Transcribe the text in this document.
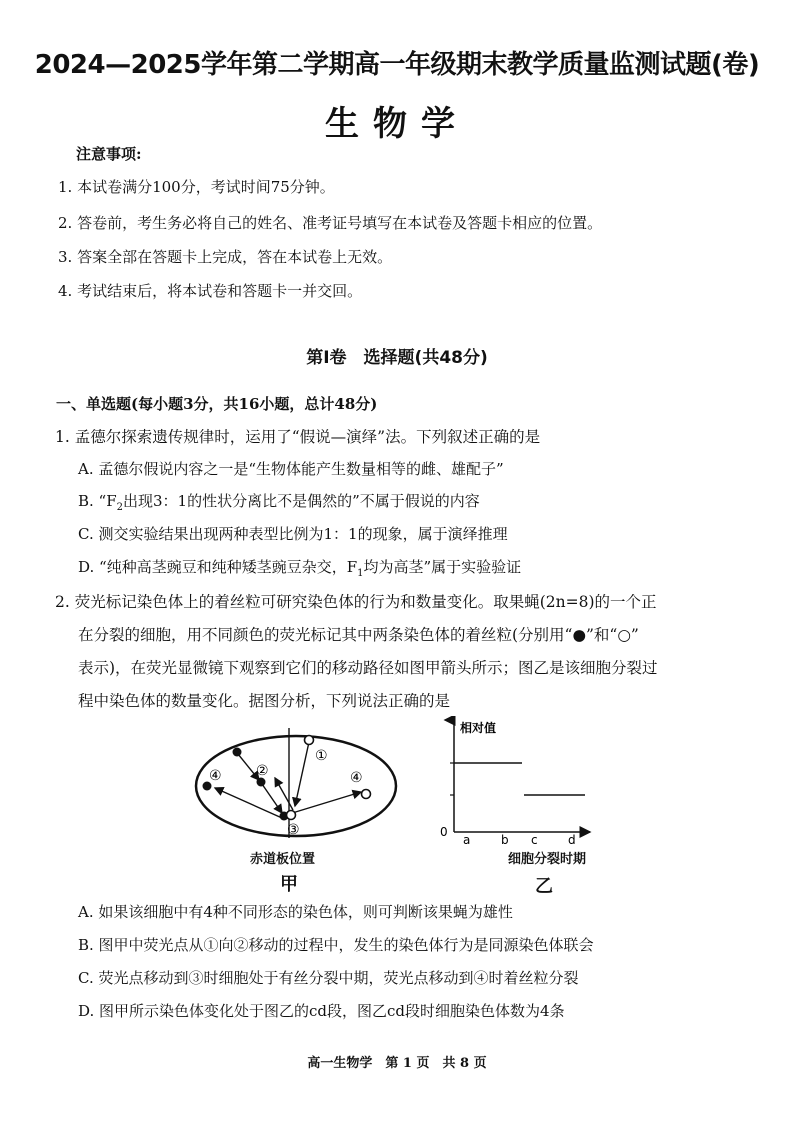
2024—2025学年第二学期高一年级期末教学质量监测试题(卷)
生物学
注意事项:
1. 本试卷满分100分，考试时间75分钟。
2. 答卷前，考生务必将自己的姓名、准考证号填写在本试卷及答题卡相应的位置。
3. 答案全部在答题卡上完成，答在本试卷上无效。
4. 考试结束后，将本试卷和答题卡一并交回。
第Ⅰ卷　选择题(共48分)
一、单选题(每小题3分，共16小题，总计48分)
1. 孟德尔探索遗传规律时，运用了“假说—演绎”法。下列叙述正确的是
A. 孟德尔假说内容之一是“生物体能产生数量相等的雌、雄配子”
B. “$F_2$出现3：1的性状分离比不是偶然的”不属于假说的内容
C. 测交实验结果出现两种表型比例为1：1的现象，属于演绎推理
D. “纯种高茎豌豆和纯种矮茎豌豆杂交，$F_1$均为高茎”属于实验验证
2. 荧光标记染色体上的着丝粒可研究染色体的行为和数量变化。取果蝇(2n=8)的一个正
在分裂的细胞，用不同颜色的荧光标记其中两条染色体的着丝粒(分别用“●”和“○”
表示)，在荧光显微镜下观察到它们的移动路径如图甲箭头所示；图乙是该细胞分裂过
程中染色体的数量变化。据图分析，下列说法正确的是
①
②
③
④	④
赤道板位置
甲
相对值
0
a	b c	d
细胞分裂时期
乙
A. 如果该细胞中有4种不同形态的染色体，则可判断该果蝇为雄性
B. 图甲中荧光点从①向②移动的过程中，发生的染色体行为是同源染色体联会
C. 荧光点移动到③时细胞处于有丝分裂中期，荧光点移动到④时着丝粒分裂
D. 图甲所示染色体变化处于图乙的cd段，图乙cd段时细胞染色体数为4条
高一生物学　第 1 页　共 8 页
